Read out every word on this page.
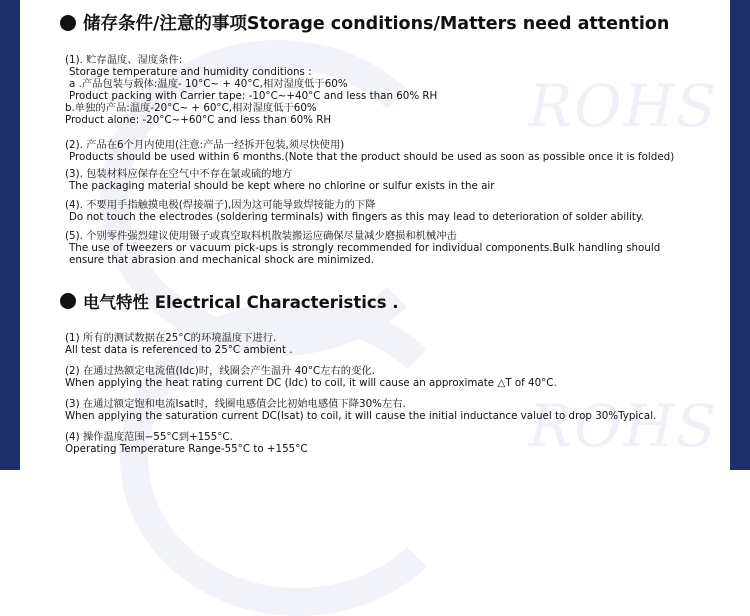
ROHS
ROHS
储存条件/注意的事项Storage conditions/Matters need attention
(1). 贮存温度、湿度条件:
Storage temperature and humidity conditions :
a .产品包装与载体:温度- 10°C~ + 40°C,相对湿度低于60%
Product packing with Carrier tape: -10°C~+40°C and less than 60% RH
b.单独的产品:温度-20°C~ + 60°C,相对湿度低于60%
Product alone: -20°C~+60°C and less than 60% RH
(2). 产品在6个月内使用(注意:产品一经拆开包装,须尽快使用)
Products should be used within 6 months.(Note that the product should be used as soon as possible once it is folded)
(3). 包装材料应保存在空气中不存在氯或硫的地方
The packaging material should be kept where no chlorine or sulfur exists in the air
(4). 不要用手指触摸电极(焊接端子),因为这可能导致焊接能力的下降
Do not touch the electrodes (soldering terminals) with fingers as this may lead to deterioration of solder ability.
(5). 个别零件强烈建议使用镊子或真空取料机散装搬运应确保尽量减少磨损和机械冲击
The use of tweezers or vacuum pick-ups is strongly recommended for individual components.Bulk handling should
ensure that abrasion and mechanical shock are minimized.
电气特性 Electrical Characteristics .
(1) 所有的测试数据在25°C的环境温度下进行.
All test data is referenced to 25°C ambient .
(2) 在通过热额定电流值(Idc)时，线圈会产生温升 40°C左右的变化.
When applying the heat rating current DC (Idc) to coil, it will cause an approximate △T of 40°C.
(3) 在通过额定饱和电流Isat时，线圈电感值会比初始电感值下降30%左右.
When applying the saturation current DC(Isat) to coil, it will cause the initial inductance valuel to drop 30%Typical.
(4) 操作温度范围−55°C到+155°C.
Operating Temperature Range-55°C to +155°C
